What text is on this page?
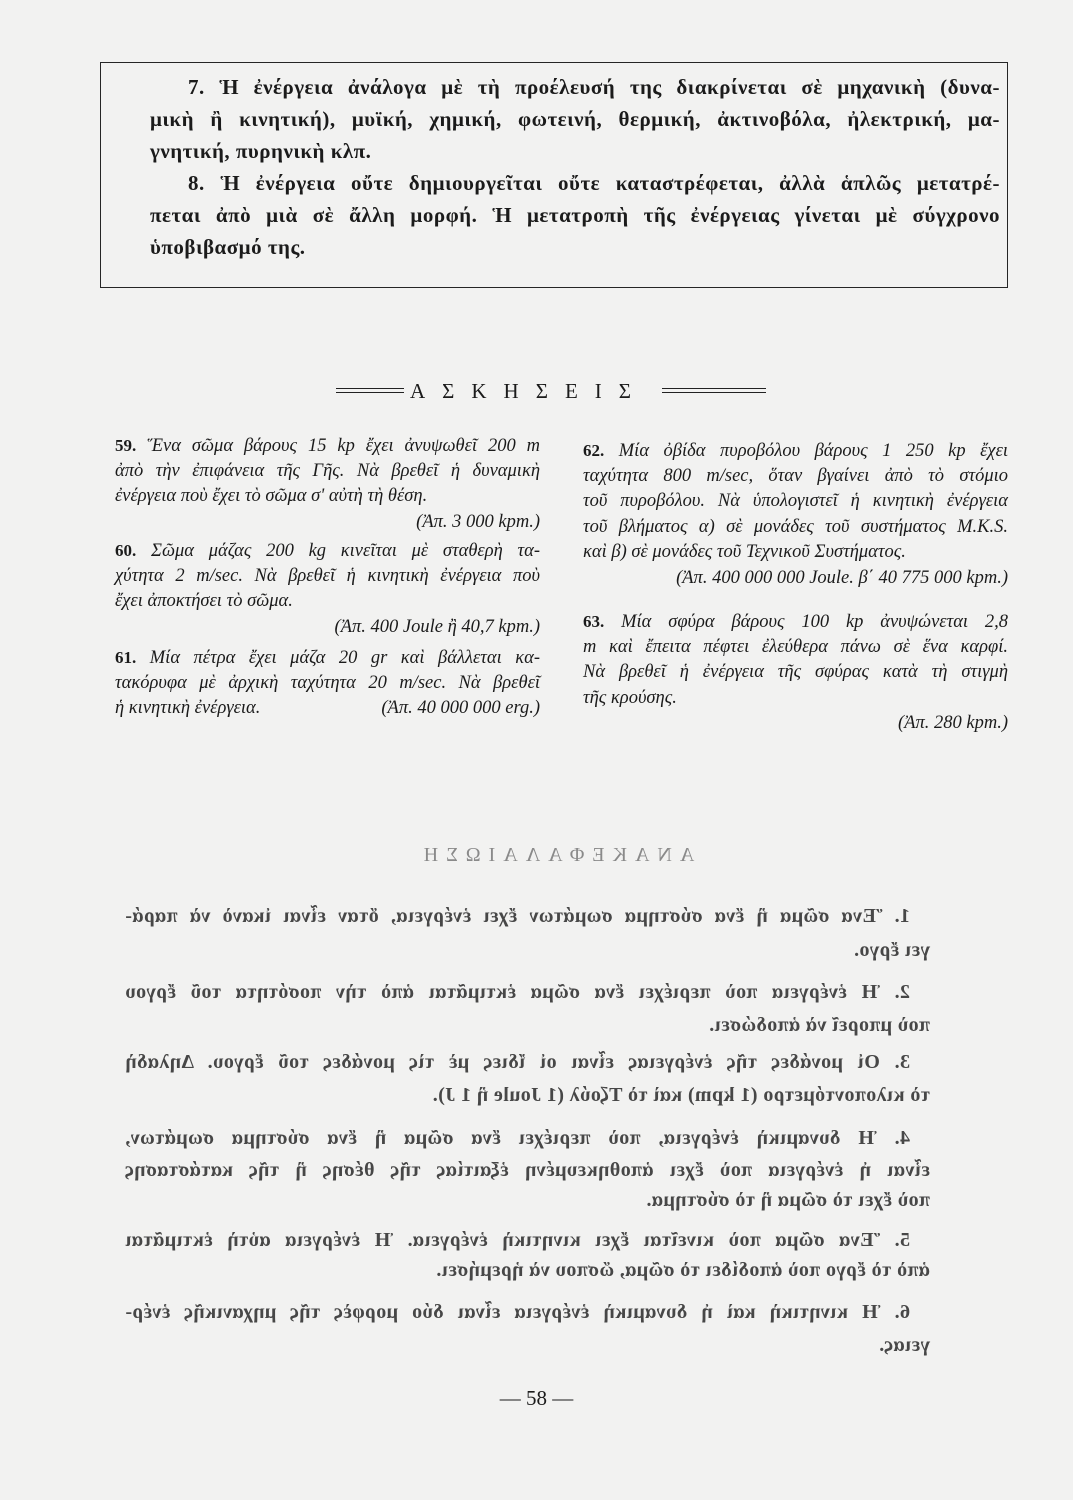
7. Ἡ ἐνέργεια ἀνάλογα μὲ τὴ προέλευσή της διακρίνεται σὲ μηχανικὴ (δυνα-
μικὴ ἢ κινητική), μυϊκή, χημική, φωτεινή, θερμική, ἀκτινοβόλα, ἠλεκτρική, μα-
γνητική, πυρηνικὴ κλπ.
8. Ἡ ἐνέργεια οὔτε δημιουργεῖται οὔτε καταστρέφεται, ἀλλὰ ἁπλῶς μετατρέ-
πεται ἀπὸ μιὰ σὲ ἄλλη μορφή. Ἡ μετατροπὴ τῆς ἐνέργειας γίνεται μὲ σύγχρονο
ὑποβιβασμό της.
ΑΣΚΗΣΕΙΣ
59. Ἕνα σῶμα βάρους 15 kp ἔχει ἀνυψωθεῖ 200 m
ἀπὸ τὴν ἐπιφάνεια τῆς Γῆς. Νὰ βρεθεῖ ἡ δυναμικὴ
ἐνέργεια ποὺ ἔχει τὸ σῶμα σ' αὐτὴ τὴ θέση.
(Ἀπ. 3 000 kpm.)
60. Σῶμα μάζας 200 kg κινεῖται μὲ σταθερὴ τα-
χύτητα 2 m/sec. Νὰ βρεθεῖ ἡ κινητικὴ ἐνέργεια ποὺ
ἔχει ἀποκτήσει τὸ σῶμα.
(Ἀπ. 400 Joule ἢ 40,7 kpm.)
61. Μία πέτρα ἔχει μάζα 20 gr καὶ βάλλεται κα-
τακόρυφα μὲ ἀρχικὴ ταχύτητα 20 m/sec. Νὰ βρεθεῖ
ἡ κινητικὴ ἐνέργεια.	(Ἀπ. 40 000 000 erg.)
62. Μία ὀβίδα πυροβόλου βάρους 1 250 kp ἔχει
ταχύτητα 800 m/sec, ὅταν βγαίνει ἀπὸ τὸ στόμιο
τοῦ πυροβόλου. Νὰ ὑπολογιστεῖ ἡ κινητικὴ ἐνέργεια
τοῦ βλήματος α) σὲ μονάδες τοῦ συστήματος M.K.S.
καὶ β) σὲ μονάδες τοῦ Τεχνικοῦ Συστήματος.
(Ἀπ. 400 000 000 Joule. β΄ 40 775 000 kpm.)
63. Μία σφύρα βάρους 100 kp ἀνυψώνεται 2,8
m καὶ ἔπειτα πέφτει ἐλεύθερα πάνω σὲ ἕνα καρφί.
Νὰ βρεθεῖ ἡ ἐνέργεια τῆς σφύρας κατὰ τὴ στιγμὴ
τῆς κρούσης.
(Ἀπ. 280 kpm.)
ΑΝΑΚΕΦΑΛΑΙΩΣΗ
1. Ἕνα σῶμα ἢ ἕνα σύστημα σωμάτων ἔχει ἐνέργεια, ὅταν εἶναι ἱκανὸ νὰ παρά-
γει ἔργο.
2. Ἡ ἐνέργεια ποὺ περιέχει ἕνα σῶμα ἐκτιμᾶται ἀπὸ τὴν ποσότητα τοῦ ἔργου
ποὺ μπορεῖ νὰ ἀποδώσει.
3. Οἱ μονάδες τῆς ἐνέργειας εἶναι οἱ ἴδιες μὲ τὶς μονάδες τοῦ ἔργου. Δηλαδὴ
τὸ κιλοποντόμετρο (1 kpm) καὶ τὸ Τζούλ (1 Joule ἢ 1 J).
4. Ἡ δυναμικὴ ἐνέργεια, ποὺ περιέχει ἕνα σῶμα ἢ ἕνα σύστημα σωμάτων,
εἶναι ἡ ἐνέργεια ποὺ ἔχει ἀποθηκευμένη ἐξαιτίας τῆς θέσης ἢ τῆς κατάστασης
ποὺ ἔχει τὸ σῶμα ἢ τὸ σύστημα.
5. Ἕνα σῶμα ποὺ κινεῖται ἔχει κινητικὴ ἐνέργεια. Ἡ ἐνέργεια αὐτὴ ἐκτιμᾶται
ἀπὸ τὸ ἔργο ποὺ ἀποδίδει τὸ σῶμα, ὥσπου νὰ ἠρεμήσει.
6. Ἡ κινητικὴ καὶ ἡ δυναμικὴ ἐνέργεια εἶναι δύο μορφὲς τῆς μηχανικῆς ἐνέρ-
γειας.
— 58 —
